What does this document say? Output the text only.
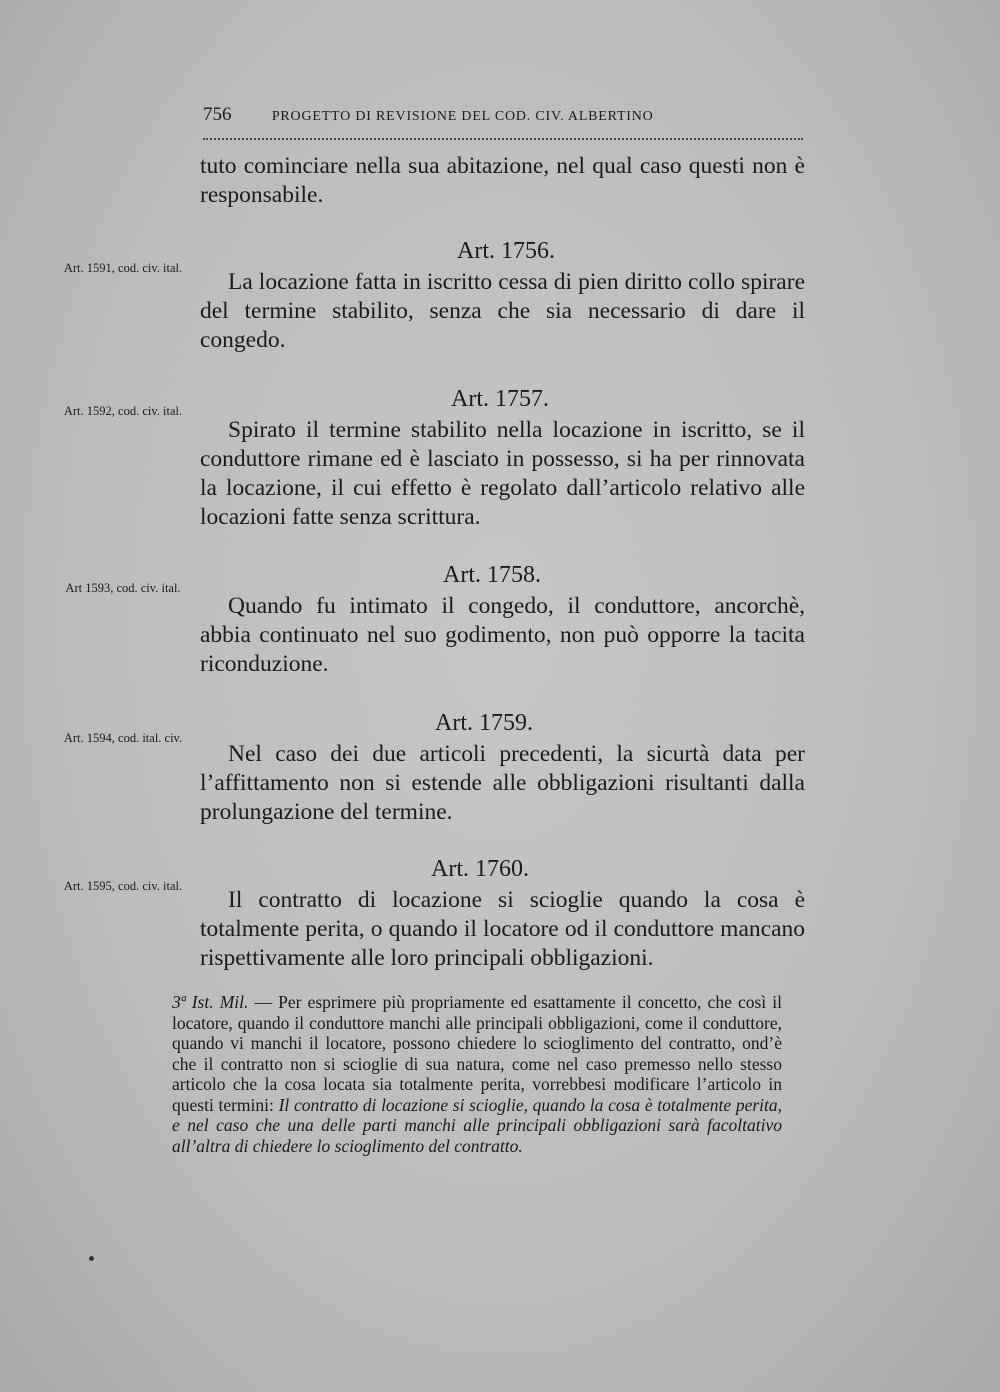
756	PROGETTO DI REVISIONE DEL COD. CIV. ALBERTINO

tuto cominciare nella sua abitazione, nel qual caso questi non è responsabile.

Art. 1591, cod. civ. ital.
Art. 1756.

La locazione fatta in iscritto cessa di pien diritto collo spirare del termine stabilito, senza che sia necessario di dare il congedo.

Art. 1592, cod. civ. ital.	Art. 1757.

Spirato il termine stabilito nella locazione in iscritto, se il conduttore rimane ed è lasciato in possesso, si ha per rinnovata la locazione, il cui effetto è regolato dall’articolo relativo alle locazioni fatte senza scrittura.

Art 1593, cod. civ. ital.	Art. 1758.

Quando fu intimato il congedo, il conduttore, ancorchè, abbia continuato nel suo godimento, non può opporre la tacita riconduzione.

Art. 1594, cod. ital. civ.
Art. 1759.

Nel caso dei due articoli precedenti, la sicurtà data per l’affittamento non si estende alle obbligazioni risultanti dalla prolungazione del termine.

Art. 1595, cod. civ. ital.
Art. 1760.

Il contratto di locazione si scioglie quando la cosa è totalmente perita, o quando il locatore od il conduttore mancano rispettivamente alle loro principali obbligazioni.

3ª Ist. Mil. — Per esprimere più propriamente ed esattamente il concetto, che così il locatore, quando il conduttore manchi alle principali obbligazioni, come il conduttore, quando vi manchi il locatore, possono chiedere lo scioglimento del contratto, ond’è che il contratto non si scioglie di sua natura, come nel caso premesso nello stesso articolo che la cosa locata sia totalmente perita, vorrebbesi modificare l’articolo in questi termini: Il contratto di locazione si scioglie, quando la cosa è totalmente perita, e nel caso che una delle parti manchi alle principali obbligazioni sarà facoltativo all’altra di chiedere lo scioglimento del contratto.
